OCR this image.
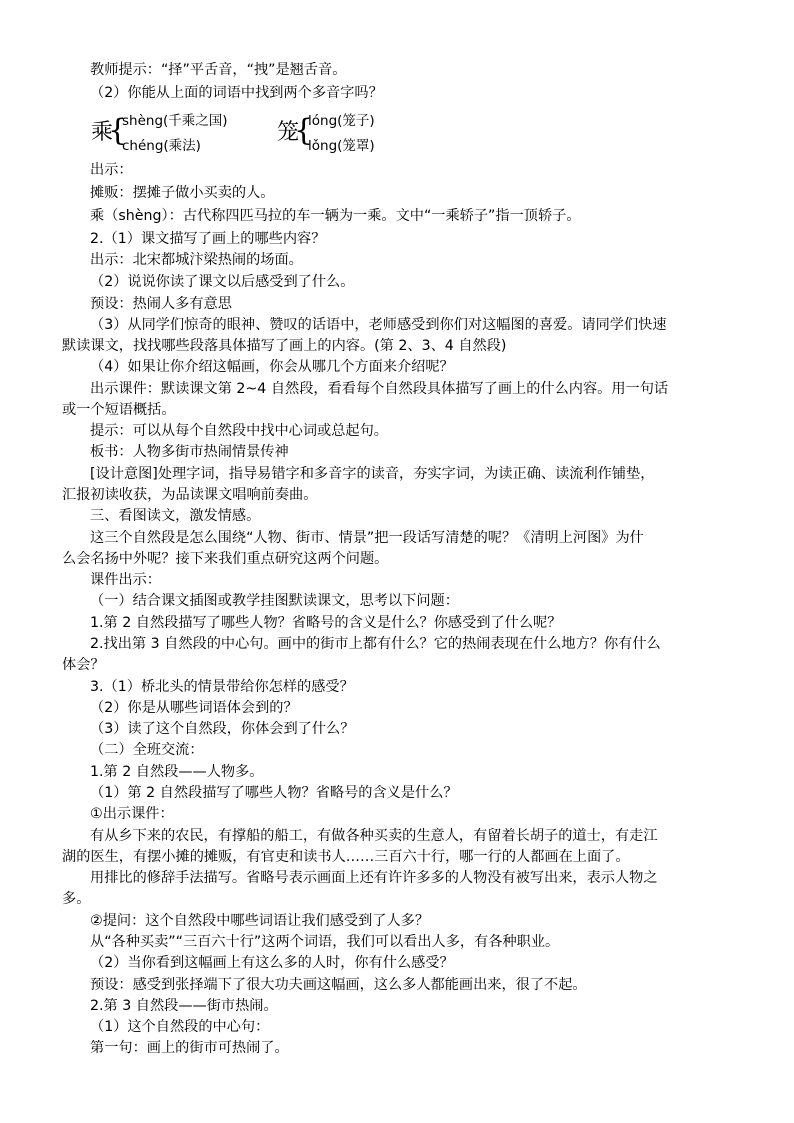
教师提示：“择”平舌音，“拽”是翘舌音。
（2）你能从上面的词语中找到两个多音字吗？
乘
{
shèng(千乘之国)
chéng(乘法)
笼
{
lóng(笼子)
lǒng(笼罩)
出示：
摊贩：摆摊子做小买卖的人。
乘（shèng）：古代称四匹马拉的车一辆为一乘。文中“一乘轿子”指一顶轿子。
2.（1）课文描写了画上的哪些内容？
出示：北宋都城汴梁热闹的场面。
（2）说说你读了课文以后感受到了什么。
预设：热闹人多有意思
（3）从同学们惊奇的眼神、赞叹的话语中，老师感受到你们对这幅图的喜爱。请同学们快速
默读课文，找找哪些段落具体描写了画上的内容。(第 2、3、4 自然段)
（4）如果让你介绍这幅画，你会从哪几个方面来介绍呢？
出示课件：默读课文第 2~4 自然段，看看每个自然段具体描写了画上的什么内容。用一句话
或一个短语概括。
提示：可以从每个自然段中找中心词或总起句。
板书：人物多街市热闹情景传神
[设计意图]处理字词，指导易错字和多音字的读音，夯实字词，为读正确、读流利作铺垫，
汇报初读收获，为品读课文唱响前奏曲。
三、看图读文，激发情感。
这三个自然段是怎么围绕“人物、街市、情景”把一段话写清楚的呢？《清明上河图》为什
么会名扬中外呢？接下来我们重点研究这两个问题。
课件出示：
（一）结合课文插图或教学挂图默读课文，思考以下问题：
1.第 2 自然段描写了哪些人物？省略号的含义是什么？你感受到了什么呢？
2.找出第 3 自然段的中心句。画中的街市上都有什么？它的热闹表现在什么地方？你有什么
体会？
3.（1）桥北头的情景带给你怎样的感受？
（2）你是从哪些词语体会到的？
（3）读了这个自然段，你体会到了什么？
（二）全班交流：
1.第 2 自然段——人物多。
（1）第 2 自然段描写了哪些人物？省略号的含义是什么？
①出示课件：
有从乡下来的农民，有撑船的船工，有做各种买卖的生意人，有留着长胡子的道士，有走江
湖的医生，有摆小摊的摊贩，有官吏和读书人……三百六十行，哪一行的人都画在上面了。
用排比的修辞手法描写。省略号表示画面上还有许许多多的人物没有被写出来，表示人物之
多。
②提问：这个自然段中哪些词语让我们感受到了人多？
从“各种买卖”“三百六十行”这两个词语，我们可以看出人多，有各种职业。
（2）当你看到这幅画上有这么多的人时，你有什么感受？
预设：感受到张择端下了很大功夫画这幅画，这么多人都能画出来，很了不起。
2.第 3 自然段——街市热闹。
（1）这个自然段的中心句：
第一句：画上的街市可热闹了。
